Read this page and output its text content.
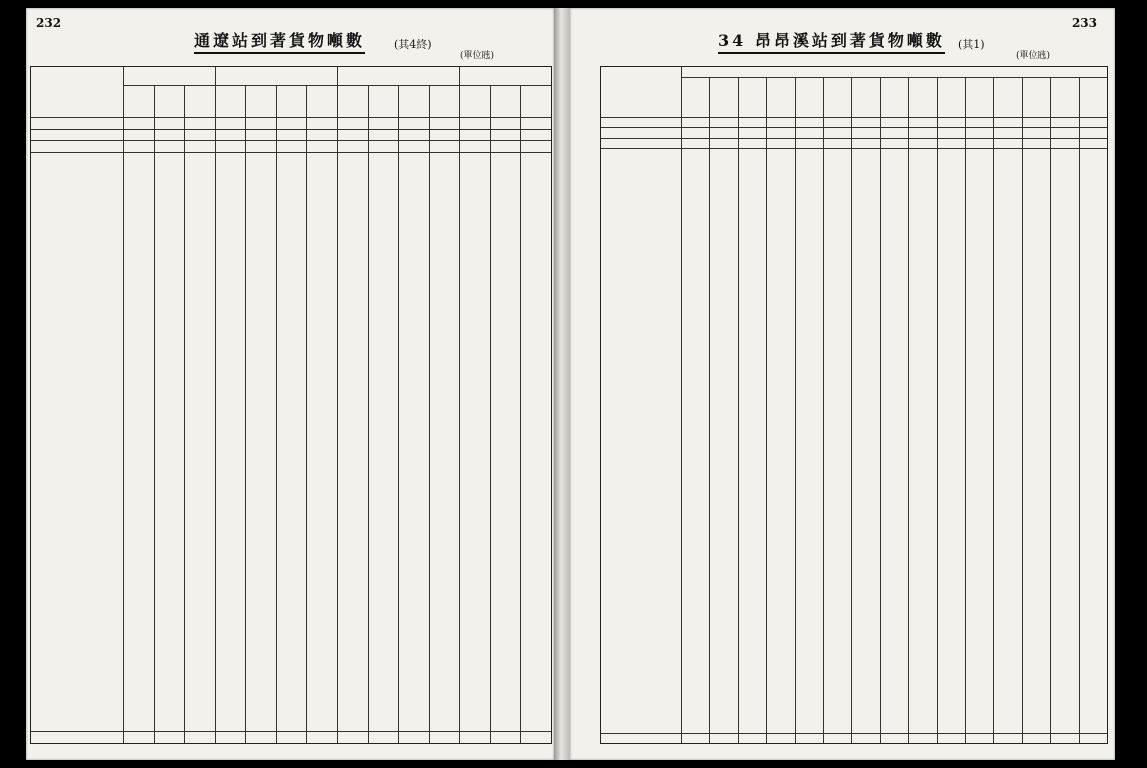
232
通遼站到著貨物噸數	(其4終)
(單位瓲)
233
34 昂昂溪站到著貨物噸數 (其1)
(單位瓲)
